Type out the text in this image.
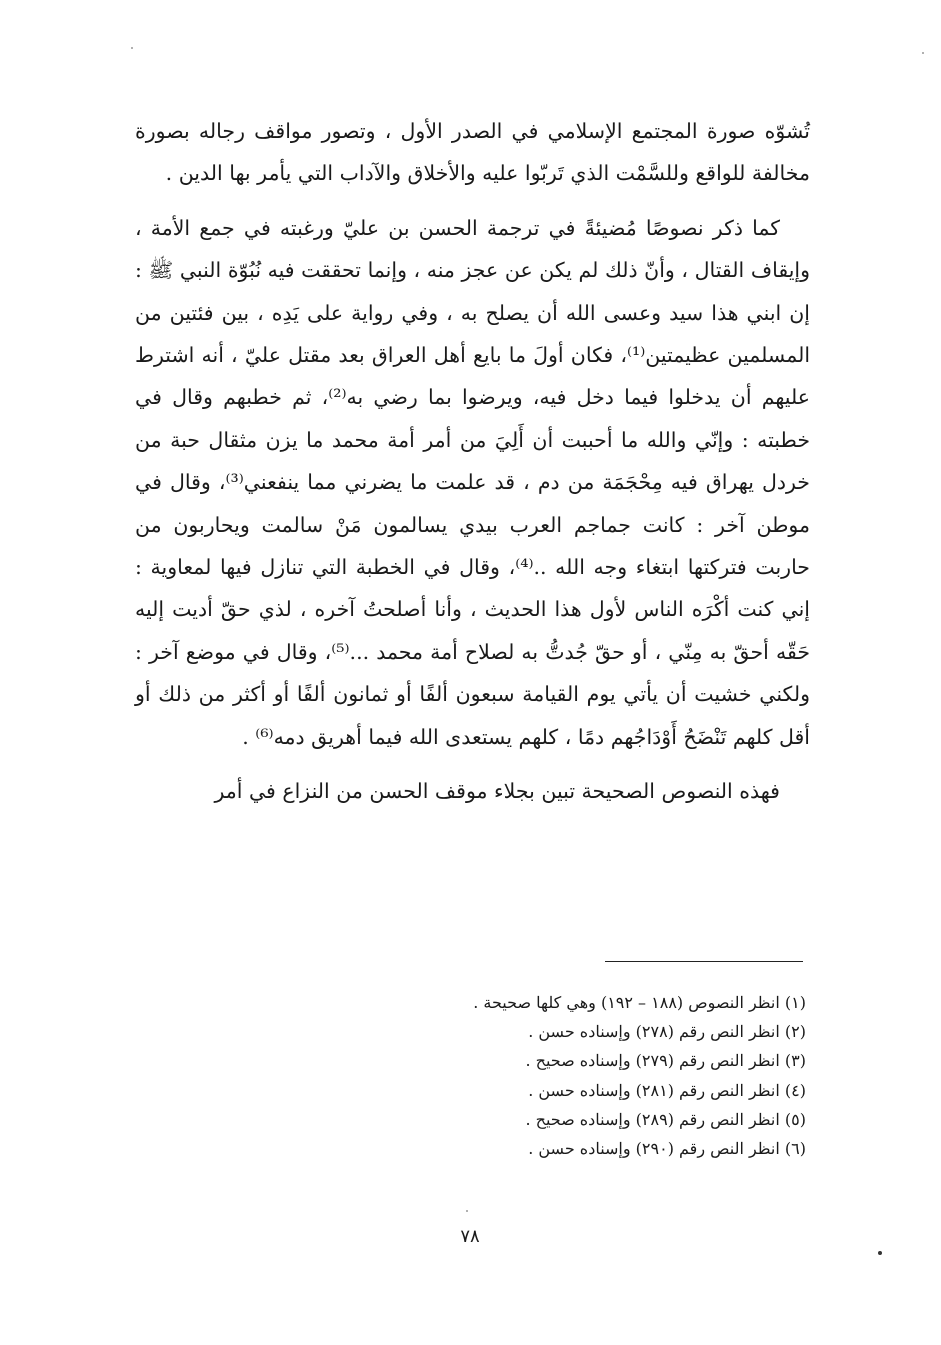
تُشوّه صورة المجتمع الإسلامي في الصدر الأول ، وتصور مواقف رجاله بصورة مخالفة للواقع وللسَّمْت الذي تَربّوا عليه والأخلاق والآداب التي يأمر بها الدين .

كما ذكر نصوصًا مُضيئةً في ترجمة الحسن بن عليّ ورغبته في جمع الأمة ، وإيقاف القتال ، وأنّ ذلك لم يكن عن عجز منه ، وإنما تحققت فيه نُبُوّة النبي ﷺ : إن ابني هذا سيد وعسى الله أن يصلح به ، وفي رواية على يَدِه ، بين فئتين من المسلمين عظيمتين⁽¹⁾، فكان أولَ ما بايع أهل العراق بعد مقتل عليّ ، أنه اشترط عليهم أن يدخلوا فيما دخل فيه، ويرضوا بما رضي به⁽²⁾، ثم خطبهم وقال في خطبته : وإنّي والله ما أحببت أن أَلِيَ من أمر أمة محمد ما يزن مثقال حبة من خردل يهراق فيه مِحْجَمَة من دم ، قد علمت ما يضرني مما ينفعني⁽³⁾، وقال في موطن آخر : كانت جماجم العرب بيدي يسالمون مَنْ سالمت ويحاربون من حاربت فتركتها ابتغاء وجه الله ..⁽⁴⁾، وقال في الخطبة التي تنازل فيها لمعاوية : إني كنت أكْرَه الناس لأول هذا الحديث ، وأنا أصلحتُ آخره ، لذي حقّ أديت إليه حَقّه أحقّ به مِنّي ، أو حقّ جُدتُّ به لصلاح أمة محمد ...⁽⁵⁾، وقال في موضع آخر : ولكني خشيت أن يأتي يوم القيامة سبعون ألفًا أو ثمانون ألفًا أو أكثر من ذلك أو أقل كلهم تَنْضَحُ أَوْدَاجُهم دمًا ، كلهم يستعدى الله فيما أهريق دمه⁽⁶⁾ .

فهذه النصوص الصحيحة تبين بجلاء موقف الحسن من النزاع في أمر

(١) انظر النصوص (١٨٨ – ١٩٢) وهي كلها صحيحة .
(٢) انظر النص رقم (٢٧٨) وإسناده حسن .
(٣) انظر النص رقم (٢٧٩) وإسناده صحيح .
(٤) انظر النص رقم (٢٨١) وإسناده حسن .
(٥) انظر النص رقم (٢٨٩) وإسناده صحيح .
(٦) انظر النص رقم (٢٩٠) وإسناده حسن .
٧٨
